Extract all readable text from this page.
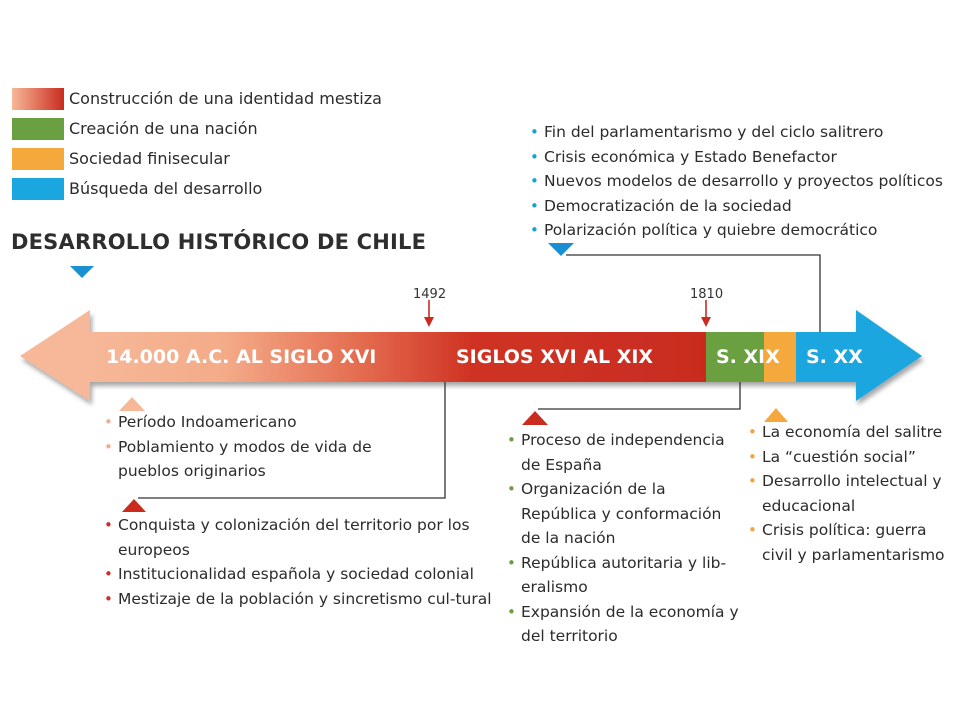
Construcción de una identidad mestiza
Creación de una nación
Sociedad finisecular
Búsqueda del desarrollo
DESARROLLO HISTÓRICO DE CHILE
14.000 A.C. AL SIGLO XVI	SIGLOS XVI AL XIX	S. XIX S. XX
1492	1810
• Fin del parlamentarismo y del ciclo salitrero
• Crisis económica y Estado Benefactor
• Nuevos modelos de desarrollo y proyectos políticos
• Democratización de la sociedad
• Polarización política y quiebre democrático
• Período Indoamericano
• Poblamiento y modos de vida de pueblos originarios
• Conquista y colonización del territorio por los europeos
• Institucionalidad española y sociedad colonial
• Mestizaje de la población y sincretismo cul-tural
• Proceso de independencia de España
• Organización de la República y conformación de la nación
• República autoritaria y lib-eralismo
• Expansión de la economía y del territorio
• La economía del salitre
• La “cuestión social”
• Desarrollo intelectual y educacional
• Crisis política: guerra civil y parlamentarismo
